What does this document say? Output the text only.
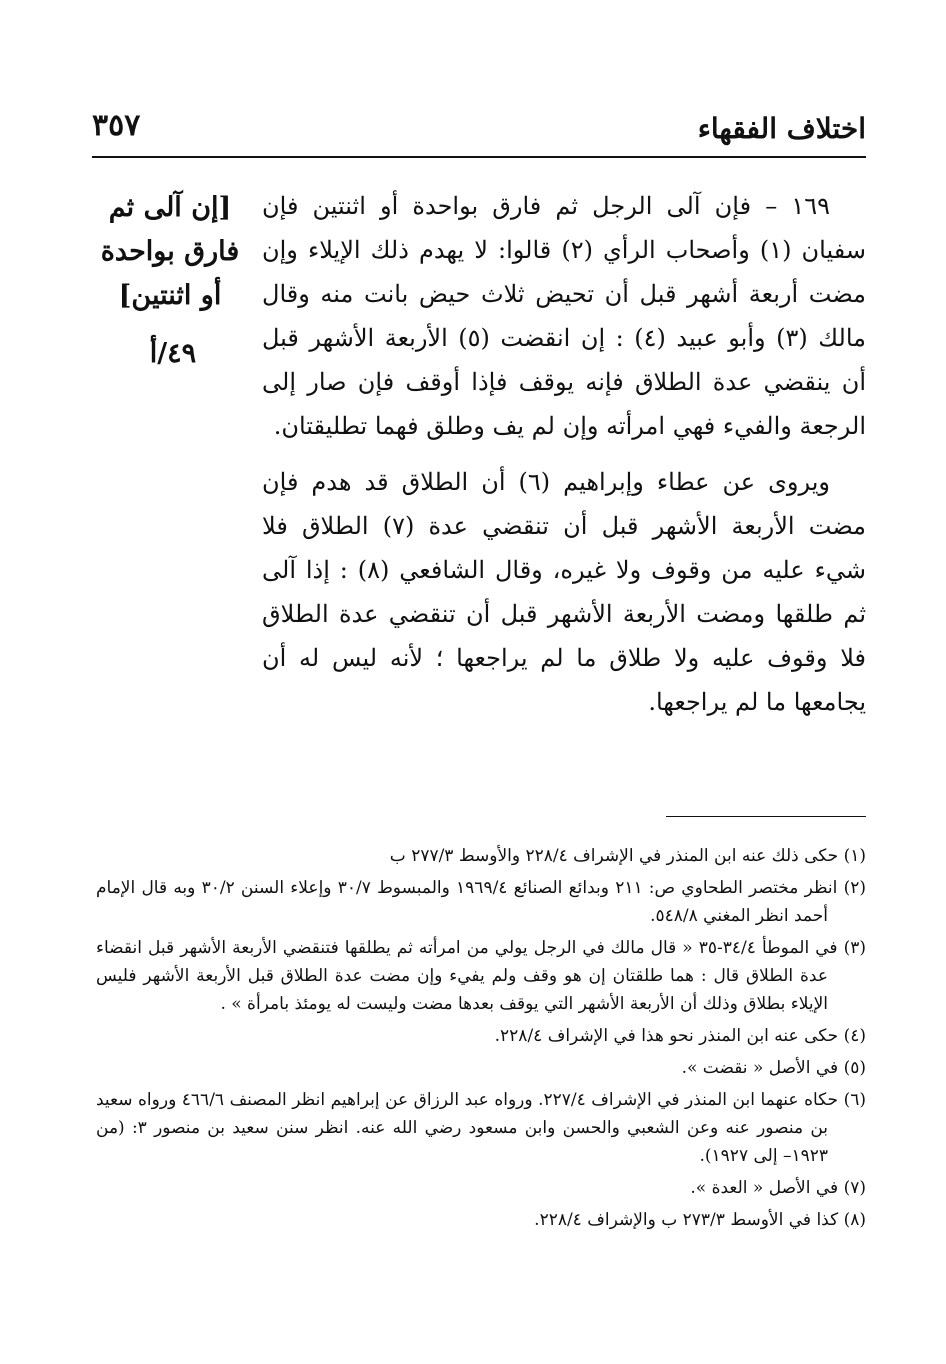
اختلاف الفقهاء
٣٥٧
[إن آلى ثم فارق بواحدة أو اثنتين]
٤٩/أ

١٦٩ – فإن آلى الرجل ثم فارق بواحدة أو اثنتين فإن سفيان (١) وأصحاب الرأي (٢) قالوا: لا يهدم ذلك الإيلاء وإن مضت أربعة أشهر قبل أن تحيض ثلاث حيض بانت منه وقال مالك (٣) وأبو عبيد (٤) : إن انقضت (٥) الأربعة الأشهر قبل أن ينقضي عدة الطلاق فإنه يوقف فإذا أوقف فإن صار إلى الرجعة والفيء فهي امرأته وإن لم يف وطلق فهما تطليقتان.

ويروى عن عطاء وإبراهيم (٦) أن الطلاق قد هدم فإن مضت الأربعة الأشهر قبل أن تنقضي عدة (٧) الطلاق فلا شيء عليه من وقوف ولا غيره، وقال الشافعي (٨) : إذا آلى ثم طلقها ومضت الأربعة الأشهر قبل أن تنقضي عدة الطلاق فلا وقوف عليه ولا طلاق ما لم يراجعها ؛ لأنه ليس له أن يجامعها ما لم يراجعها.

(١) حكى ذلك عنه ابن المنذر في الإشراف ٢٢٨/٤ والأوسط ٢٧٧/٣ ب

(٢) انظر مختصر الطحاوي ص: ٢١١ وبدائع الصنائع ١٩٦٩/٤ والمبسوط ٣٠/٧ وإعلاء السنن ٣٠/٢ وبه قال الإمام أحمد انظر المغني ٥٤٨/٨.

(٣) في الموطأ ٣٤/٤-٣٥ « قال مالك في الرجل يولي من امرأته ثم يطلقها فتنقضي الأربعة الأشهر قبل انقضاء عدة الطلاق قال : هما طلقتان إن هو وقف ولم يفيء وإن مضت عدة الطلاق قبل الأربعة الأشهر فليس الإيلاء بطلاق وذلك أن الأربعة الأشهر التي يوقف بعدها مضت وليست له يومئذ بامرأة » .

(٤) حكى عنه ابن المنذر نحو هذا في الإشراف ٢٢٨/٤.

(٥) في الأصل « نقضت ».

(٦) حكاه عنهما ابن المنذر في الإشراف ٢٢٧/٤. ورواه عبد الرزاق عن إبراهيم انظر المصنف ٤٦٦/٦ ورواه سعيد بن منصور عنه وعن الشعبي والحسن وابن مسعود رضي الله عنه. انظر سنن سعيد بن منصور ٣: (من ١٩٢٣– إلى ١٩٢٧).

(٧) في الأصل « العدة ».

(٨) كذا في الأوسط ٢٧٣/٣ ب والإشراف ٢٢٨/٤.
